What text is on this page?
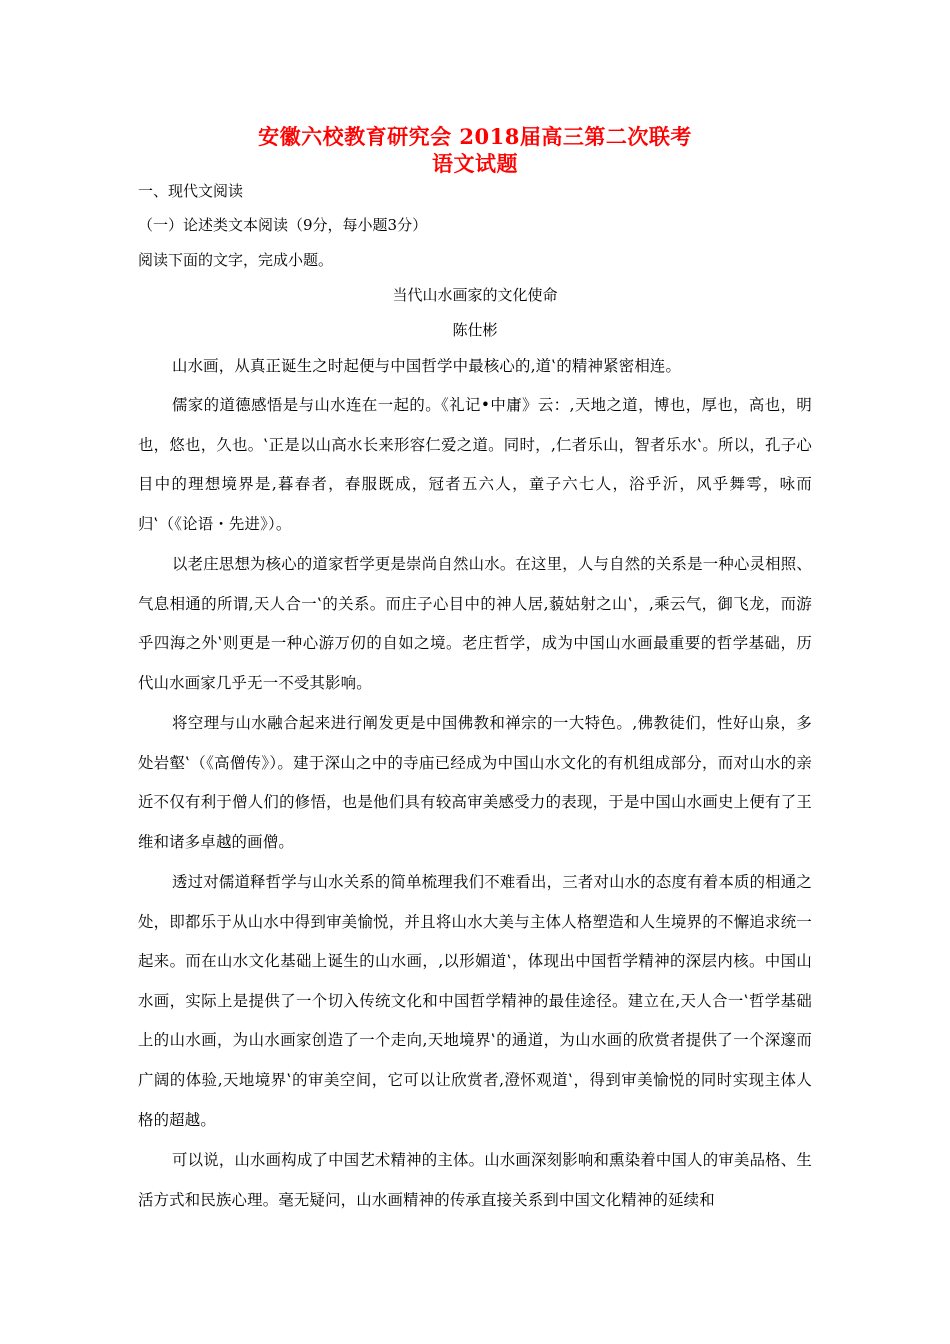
安徽六校教育研究会 2018届高三第二次联考
语文试题
一、现代文阅读
（一）论述类文本阅读（9分，每小题3分）
阅读下面的文字，完成小题。
当代山水画家的文化使命
陈仕彬

山水画，从真正诞生之时起便与中国哲学中最核心的‚道‛的精神紧密相连。

儒家的道德感悟是与山水连在一起的。《礼记•中庸》云：‚天地之道，博也，厚也，高也，明也，悠也，久也。‛正是以山高水长来形容仁爱之道。同时，‚仁者乐山，智者乐水‛。所以，孔子心目中的理想境界是‚暮春者，春服既成，冠者五六人，童子六七人，浴乎沂，风乎舞雩，咏而归‛（《论语・先进》）。

以老庄思想为核心的道家哲学更是崇尚自然山水。在这里，人与自然的关系是一种心灵相照、气息相通的所谓‚天人合一‛的关系。而庄子心目中的神人居‚藐姑射之山‛，‚乘云气，御飞龙，而游乎四海之外‛则更是一种心游万仞的自如之境。老庄哲学，成为中国山水画最重要的哲学基础，历代山水画家几乎无一不受其影响。

将空理与山水融合起来进行阐发更是中国佛教和禅宗的一大特色。‚佛教徒们，性好山泉，多处岩壑‛（《高僧传》）。建于深山之中的寺庙已经成为中国山水文化的有机组成部分，而对山水的亲近不仅有利于僧人们的修悟，也是他们具有较高审美感受力的表现，于是中国山水画史上便有了王维和诸多卓越的画僧。

透过对儒道释哲学与山水关系的简单梳理我们不难看出，三者对山水的态度有着本质的相通之处，即都乐于从山水中得到审美愉悦，并且将山水大美与主体人格塑造和人生境界的不懈追求统一起来。而在山水文化基础上诞生的山水画，‚以形媚道‛，体现出中国哲学精神的深层内核。中国山水画，实际上是提供了一个切入传统文化和中国哲学精神的最佳途径。建立在‚天人合一‛哲学基础上的山水画，为山水画家创造了一个走向‚天地境界‛的通道，为山水画的欣赏者提供了一个深邃而广阔的体验‚天地境界‛的审美空间，它可以让欣赏者‚澄怀观道‛，得到审美愉悦的同时实现主体人格的超越。

可以说，山水画构成了中国艺术精神的主体。山水画深刻影响和熏染着中国人的审美品格、生活方式和民族心理。毫无疑问，山水画精神的传承直接关系到中国文化精神的延续和
